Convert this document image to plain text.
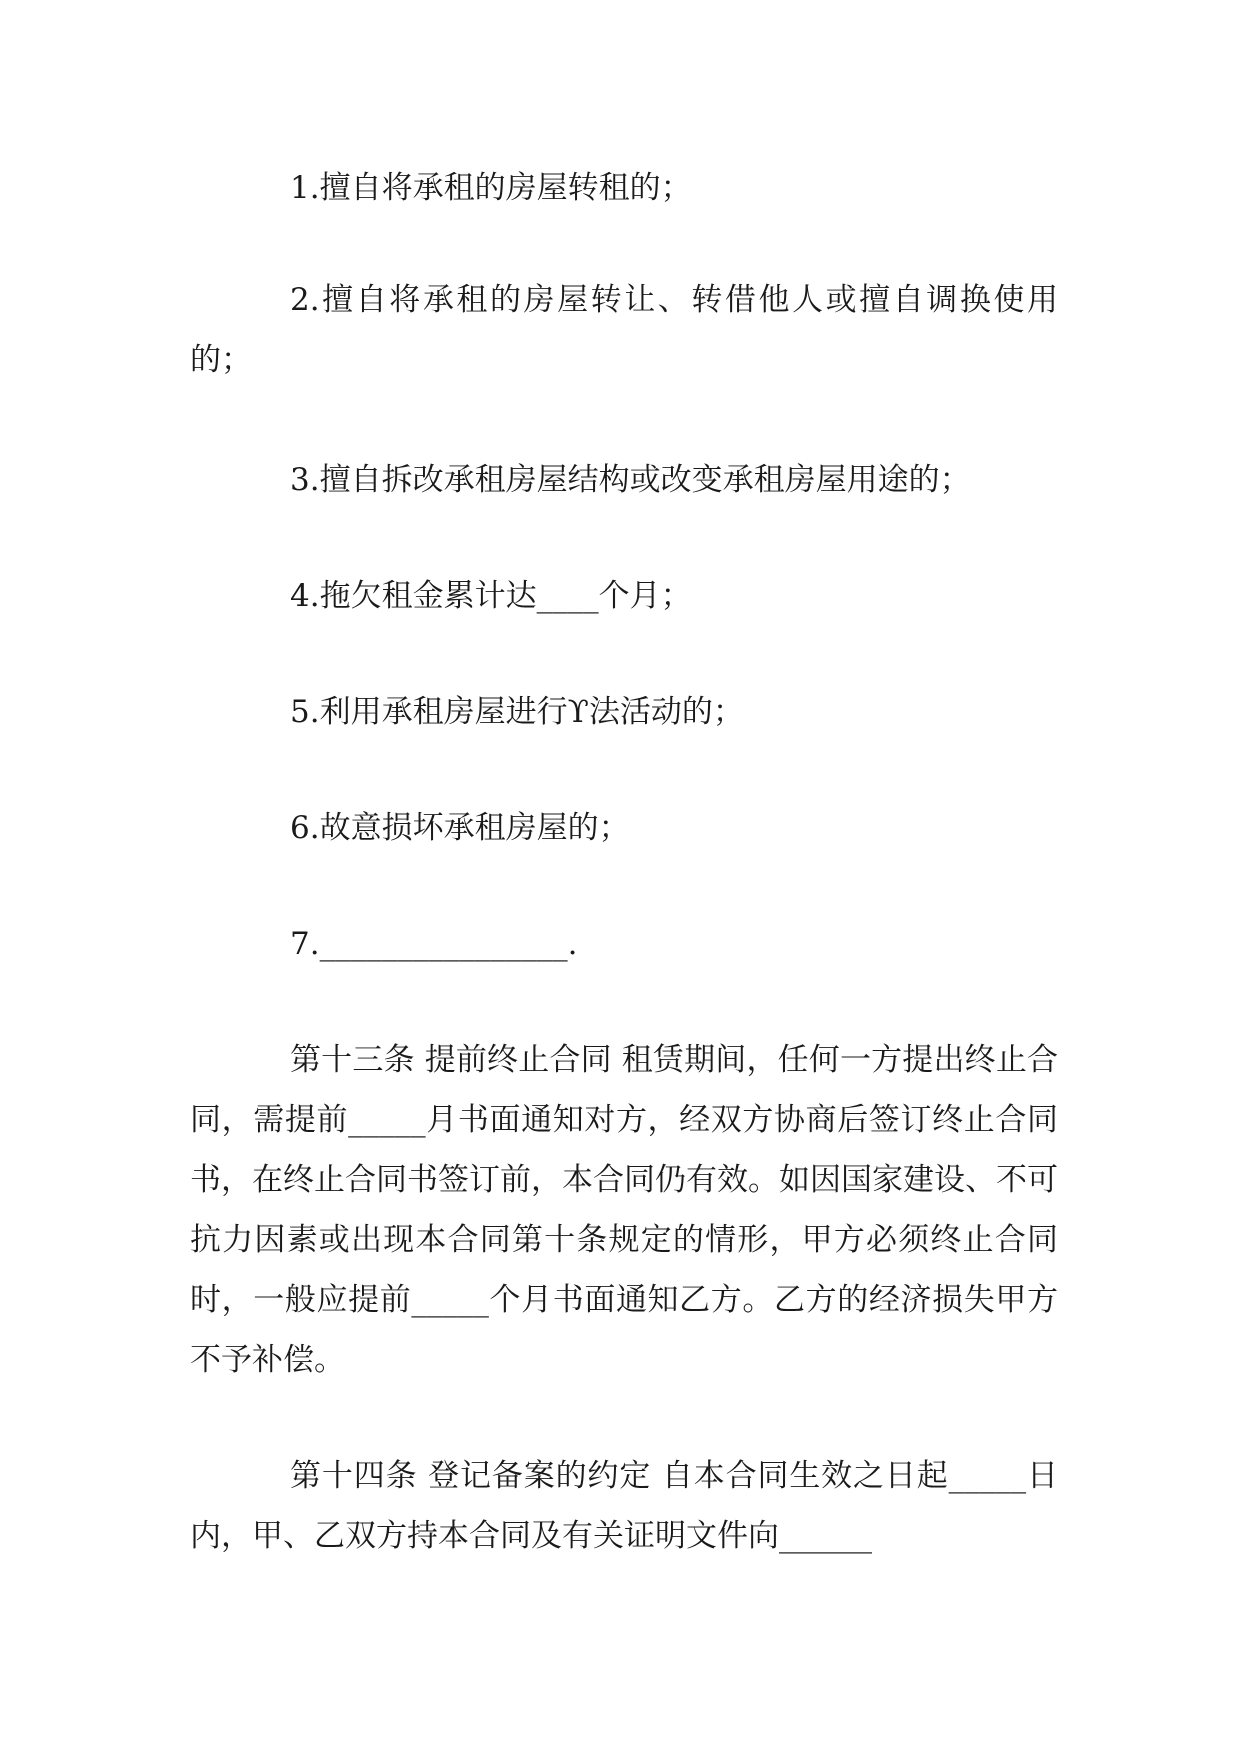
1.擅自将承租的房屋转租的；

2.擅自将承租的房屋转让、转借他人或擅自调换使用的；

3.擅自拆改承租房屋结构或改变承租房屋用途的；

4.拖欠租金累计达____个月；

5.利用承租房屋进行ϒ法活动的；

6.故意损坏承租房屋的；

7.________________.

第十三条 提前终止合同 租赁期间，任何一方提出终止合同，需提前_____月书面通知对方，经双方协商后签订终止合同书，在终止合同书签订前，本合同仍有效。如因国家建设、不可抗力因素或出现本合同第十条规定的情形，甲方必须终止合同时，一般应提前_____个月书面通知乙方。乙方的经济损失甲方不予补偿。

第十四条 登记备案的约定 自本合同生效之日起_____日内，甲、乙双方持本合同及有关证明文件向______
